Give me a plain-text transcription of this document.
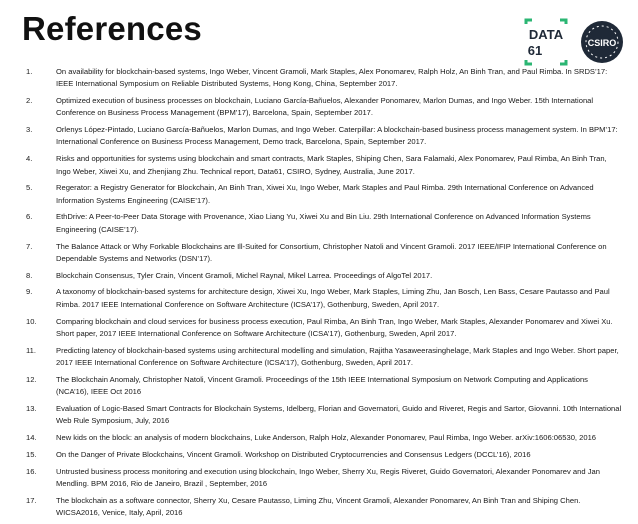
References	DATA
61	CSIRO
1.	On availability for blockchain-based systems, Ingo Weber, Vincent Gramoli, Mark Staples, Alex Ponomarev, Ralph Holz, An Binh Tran, and Paul Rimba. In SRDS’17: IEEE International Symposium on Reliable Distributed Systems, Hong Kong, China, September 2017.
2.	Optimized execution of business processes on blockchain, Luciano García-Bañuelos, Alexander Ponomarev, Marlon Dumas, and Ingo Weber. 15th International Conference on Business Process Management (BPM’17), Barcelona, Spain, September 2017.
3.	Orlenys López-Pintado, Luciano García-Bañuelos, Marlon Dumas, and Ingo Weber. Caterpillar: A blockchain-based business process management system. In BPM’17: International Conference on Business Process Management, Demo track, Barcelona, Spain, September 2017.
4.	Risks and opportunities for systems using blockchain and smart contracts, Mark Staples, Shiping Chen, Sara Falamaki, Alex Ponomarev, Paul Rimba, An Binh Tran, Ingo Weber, Xiwei Xu, and Zhenjiang Zhu. Technical report, Data61, CSIRO, Sydney, Australia, June 2017.
5.	Regerator: a Registry Generator for Blockchain, An Binh Tran, Xiwei Xu, Ingo Weber, Mark Staples and Paul Rimba. 29th International Conference on Advanced Information Systems Engineering (CAISE’17).
6.	EthDrive: A Peer-to-Peer Data Storage with Provenance, Xiao Liang Yu, Xiwei Xu and Bin Liu. 29th International Conference on Advanced Information Systems Engineering (CAISE’17).
7.	The Balance Attack or Why Forkable Blockchains are Ill-Suited for Consortium, Christopher Natoli and Vincent Gramoli. 2017 IEEE/IFIP International Conference on Dependable Systems and Networks (DSN’17).
8.	Blockchain Consensus, Tyler Crain, Vincent Gramoli, Michel Raynal, Mikel Larrea. Proceedings of AlgoTel 2017.
9.	A taxonomy of blockchain-based systems for architecture design, Xiwei Xu, Ingo Weber, Mark Staples, Liming Zhu, Jan Bosch, Len Bass, Cesare Pautasso and Paul Rimba. 2017 IEEE International Conference on Software Architecture (ICSA’17), Gothenburg, Sweden, April 2017.
10.	Comparing blockchain and cloud services for business process execution, Paul Rimba, An Binh Tran, Ingo Weber, Mark Staples, Alexander Ponomarev and Xiwei Xu. Short paper, 2017 IEEE International Conference on Software Architecture (ICSA’17), Gothenburg, Sweden, April 2017.
11.	Predicting latency of blockchain-based systems using architectural modelling and simulation, Rajitha Yasaweerasinghelage, Mark Staples and Ingo Weber. Short paper, 2017 IEEE International Conference on Software Architecture (ICSA’17), Gothenburg, Sweden, April 2017.
12.	The Blockchain Anomaly, Christopher Natoli, Vincent Gramoli. Proceedings of the 15th IEEE International Symposium on Network Computing and Applications (NCA’16), IEEE Oct 2016
13.	Evaluation of Logic-Based Smart Contracts for Blockchain Systems, Idelberg, Florian and Governatori, Guido and Riveret, Regis and Sartor, Giovanni. 10th International Web Rule Symposium, July, 2016
14.	New kids on the block: an analysis of modern blockchains, Luke Anderson, Ralph Holz, Alexander Ponomarev, Paul Rimba, Ingo Weber. arXiv:1606:06530, 2016
15.	On the Danger of Private Blockchains, Vincent Gramoli. Workshop on Distributed Cryptocurrencies and Consensus Ledgers (DCCL’16), 2016
16.	Untrusted business process monitoring and execution using blockchain, Ingo Weber, Sherry Xu, Regis Riveret, Guido Governatori, Alexander Ponomarev and Jan Mendling. BPM 2016, Rio de Janeiro, Brazil , September, 2016
17.	The blockchain as a software connector, Sherry Xu, Cesare Pautasso, Liming Zhu, Vincent Gramoli, Alexander Ponomarev, An Binh Tran and Shiping Chen. WICSA2016, Venice, Italy, April, 2016
